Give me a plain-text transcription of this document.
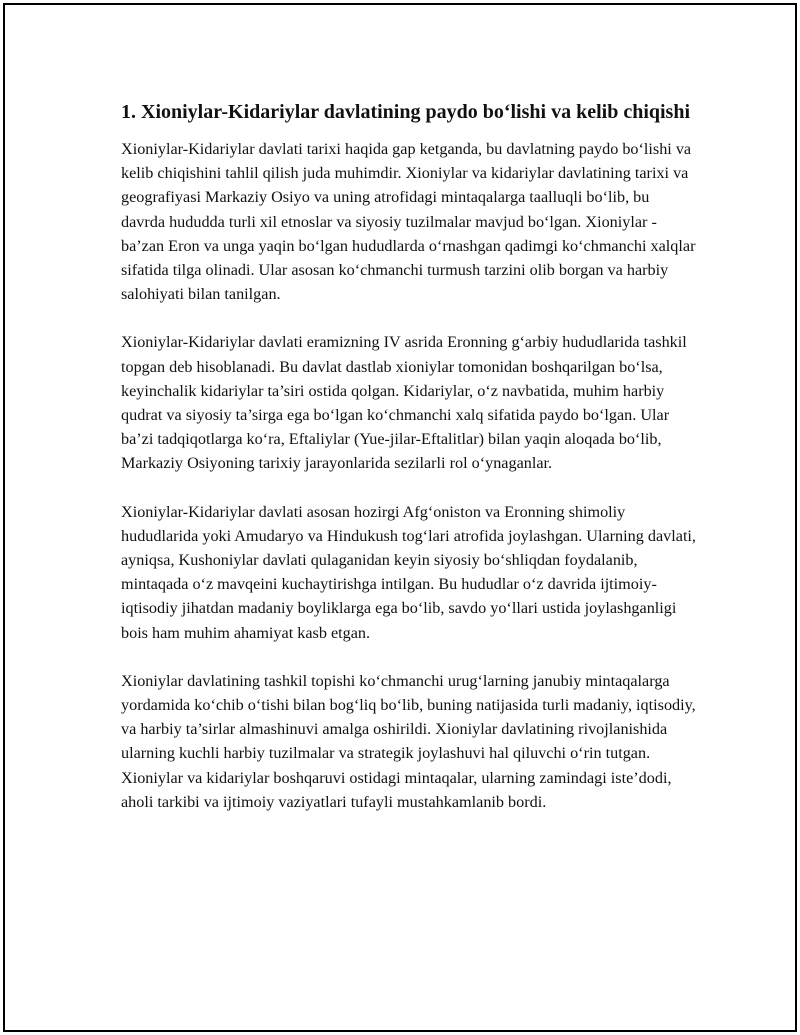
1. Xioniylar-Kidariylar davlatining paydo bo‘lishi va kelib chiqishi

Xioniylar-Kidariylar davlati tarixi haqida gap ketganda, bu davlatning paydo bo‘lishi va kelib chiqishini tahlil qilish juda muhimdir. Xioniylar va kidariylar davlatining tarixi va geografiyasi Markaziy Osiyo va uning atrofidagi mintaqalarga taalluqli bo‘lib, bu davrda hududda turli xil etnoslar va siyosiy tuzilmalar mavjud bo‘lgan. Xioniylar - ba’zan Eron va unga yaqin bo‘lgan hududlarda o‘rnashgan qadimgi ko‘chmanchi xalqlar sifatida tilga olinadi. Ular asosan ko‘chmanchi turmush tarzini olib borgan va harbiy salohiyati bilan tanilgan.

Xioniylar-Kidariylar davlati eramizning IV asrida Eronning g‘arbiy hududlarida tashkil topgan deb hisoblanadi. Bu davlat dastlab xioniylar tomonidan boshqarilgan bo‘lsa, keyinchalik kidariylar ta’siri ostida qolgan. Kidariylar, o‘z navbatida, muhim harbiy qudrat va siyosiy ta’sirga ega bo‘lgan ko‘chmanchi xalq sifatida paydo bo‘lgan. Ular ba’zi tadqiqotlarga ko‘ra, Eftaliylar (Yue-jilar-Eftalitlar) bilan yaqin aloqada bo‘lib, Markaziy Osiyoning tarixiy jarayonlarida sezilarli rol o‘ynaganlar.

Xioniylar-Kidariylar davlati asosan hozirgi Afg‘oniston va Eronning shimoliy hududlarida yoki Amudaryo va Hindukush tog‘lari atrofida joylashgan. Ularning davlati, ayniqsa, Kushoniylar davlati qulaganidan keyin siyosiy bo‘shliqdan foydalanib, mintaqada o‘z mavqeini kuchaytirishga intilgan. Bu hududlar o‘z davrida ijtimoiy-iqtisodiy jihatdan madaniy boyliklarga ega bo‘lib, savdo yo‘llari ustida joylashganligi bois ham muhim ahamiyat kasb etgan.

Xioniylar davlatining tashkil topishi ko‘chmanchi urug‘larning janubiy mintaqalarga yordamida ko‘chib o‘tishi bilan bog‘liq bo‘lib, buning natijasida turli madaniy, iqtisodiy, va harbiy ta’sirlar almashinuvi amalga oshirildi. Xioniylar davlatining rivojlanishida ularning kuchli harbiy tuzilmalar va strategik joylashuvi hal qiluvchi o‘rin tutgan. Xioniylar va kidariylar boshqaruvi ostidagi mintaqalar, ularning zamindagi iste’dodi, aholi tarkibi va ijtimoiy vaziyatlari tufayli mustahkamlanib bordi.
